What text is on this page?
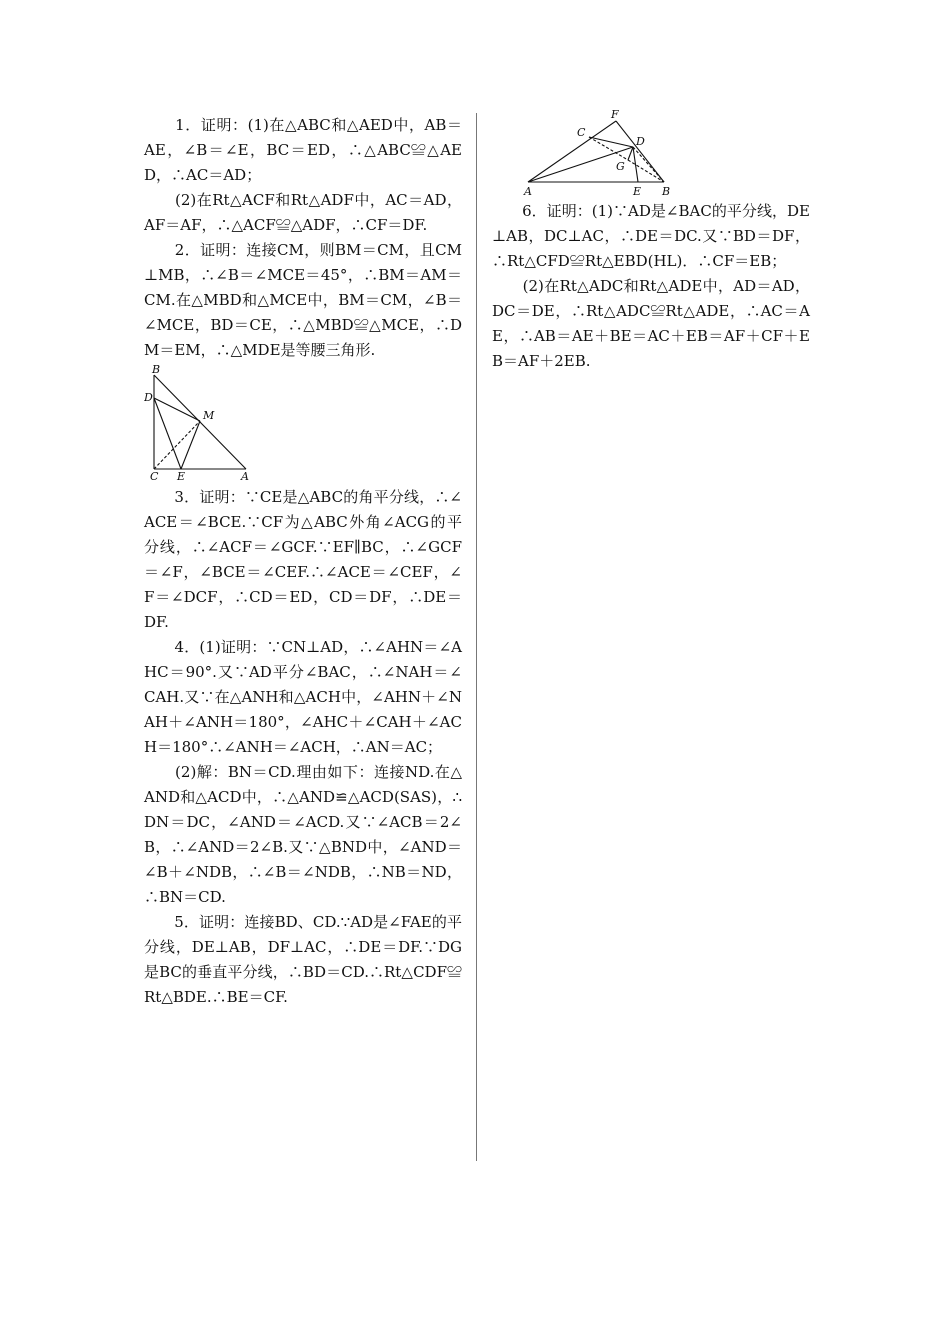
　　1．证明：(1)在△ABC和△AED中，AB＝AE，∠B＝∠E，BC＝ED，∴△ABC≌△AED，∴AC＝AD；

　　(2)在Rt△ACF和Rt△ADF中，AC＝AD，AF＝AF，∴△ACF≌△ADF，∴CF＝DF.

　　2．证明：连接CM，则BM＝CM，且CM⊥MB，∴∠B＝∠MCE＝45°，∴BM＝AM＝CM.在△MBD和△MCE中，BM＝CM，∠B＝∠MCE，BD＝CE，∴△MBD≌△MCE，∴DM＝EM，∴△MDE是等腰三角形.

B
D
M
C E	A

　　3．证明：∵CE是△ABC的角平分线，∴∠ACE＝∠BCE.∵CF为△ABC外角∠ACG的平分线，∴∠ACF＝∠GCF.∵EF∥BC，∴∠GCF＝∠F，∠BCE＝∠CEF.∴∠ACE＝∠CEF，∠F＝∠DCF，∴CD＝ED，CD＝DF，∴DE＝DF.

　　4．(1)证明：∵CN⊥AD，∴∠AHN＝∠AHC＝90°.又∵AD平分∠BAC，∴∠NAH＝∠CAH.又∵在△ANH和△ACH中，∠AHN＋∠NAH＋∠ANH＝180°，∠AHC＋∠CAH＋∠ACH＝180°∴∠ANH＝∠ACH，∴AN＝AC；

　　(2)解：BN＝CD.理由如下：连接ND.在△AND和△ACD中，∴△AND≌△ACD(SAS)，∴DN＝DC，∠AND＝∠ACD.又∵∠ACB＝2∠B，∴∠AND＝2∠B.又∵△BND中，∠AND＝∠B＋∠NDB，∴∠B＝∠NDB，∴NB＝ND，∴BN＝CD.

　　5．证明：连接BD、CD.∵AD是∠FAE的平分线，DE⊥AB，DF⊥AC，∴DE＝DF.∵DG是BC的垂直平分线，∴BD＝CD.∴Rt△CDF≌Rt△BDE.∴BE＝CF.

F
C
D
G
A	E B

　　6．证明：(1)∵AD是∠BAC的平分线，DE⊥AB，DC⊥AC，∴DE＝DC.又∵BD＝DF，∴Rt△CFD≌Rt△EBD(HL)．∴CF＝EB；

　　(2)在Rt△ADC和Rt△ADE中，AD＝AD，DC＝DE，∴Rt△ADC≌Rt△ADE，∴AC＝AE，∴AB＝AE＋BE＝AC＋EB＝AF＋CF＋EB＝AF＋2EB.
